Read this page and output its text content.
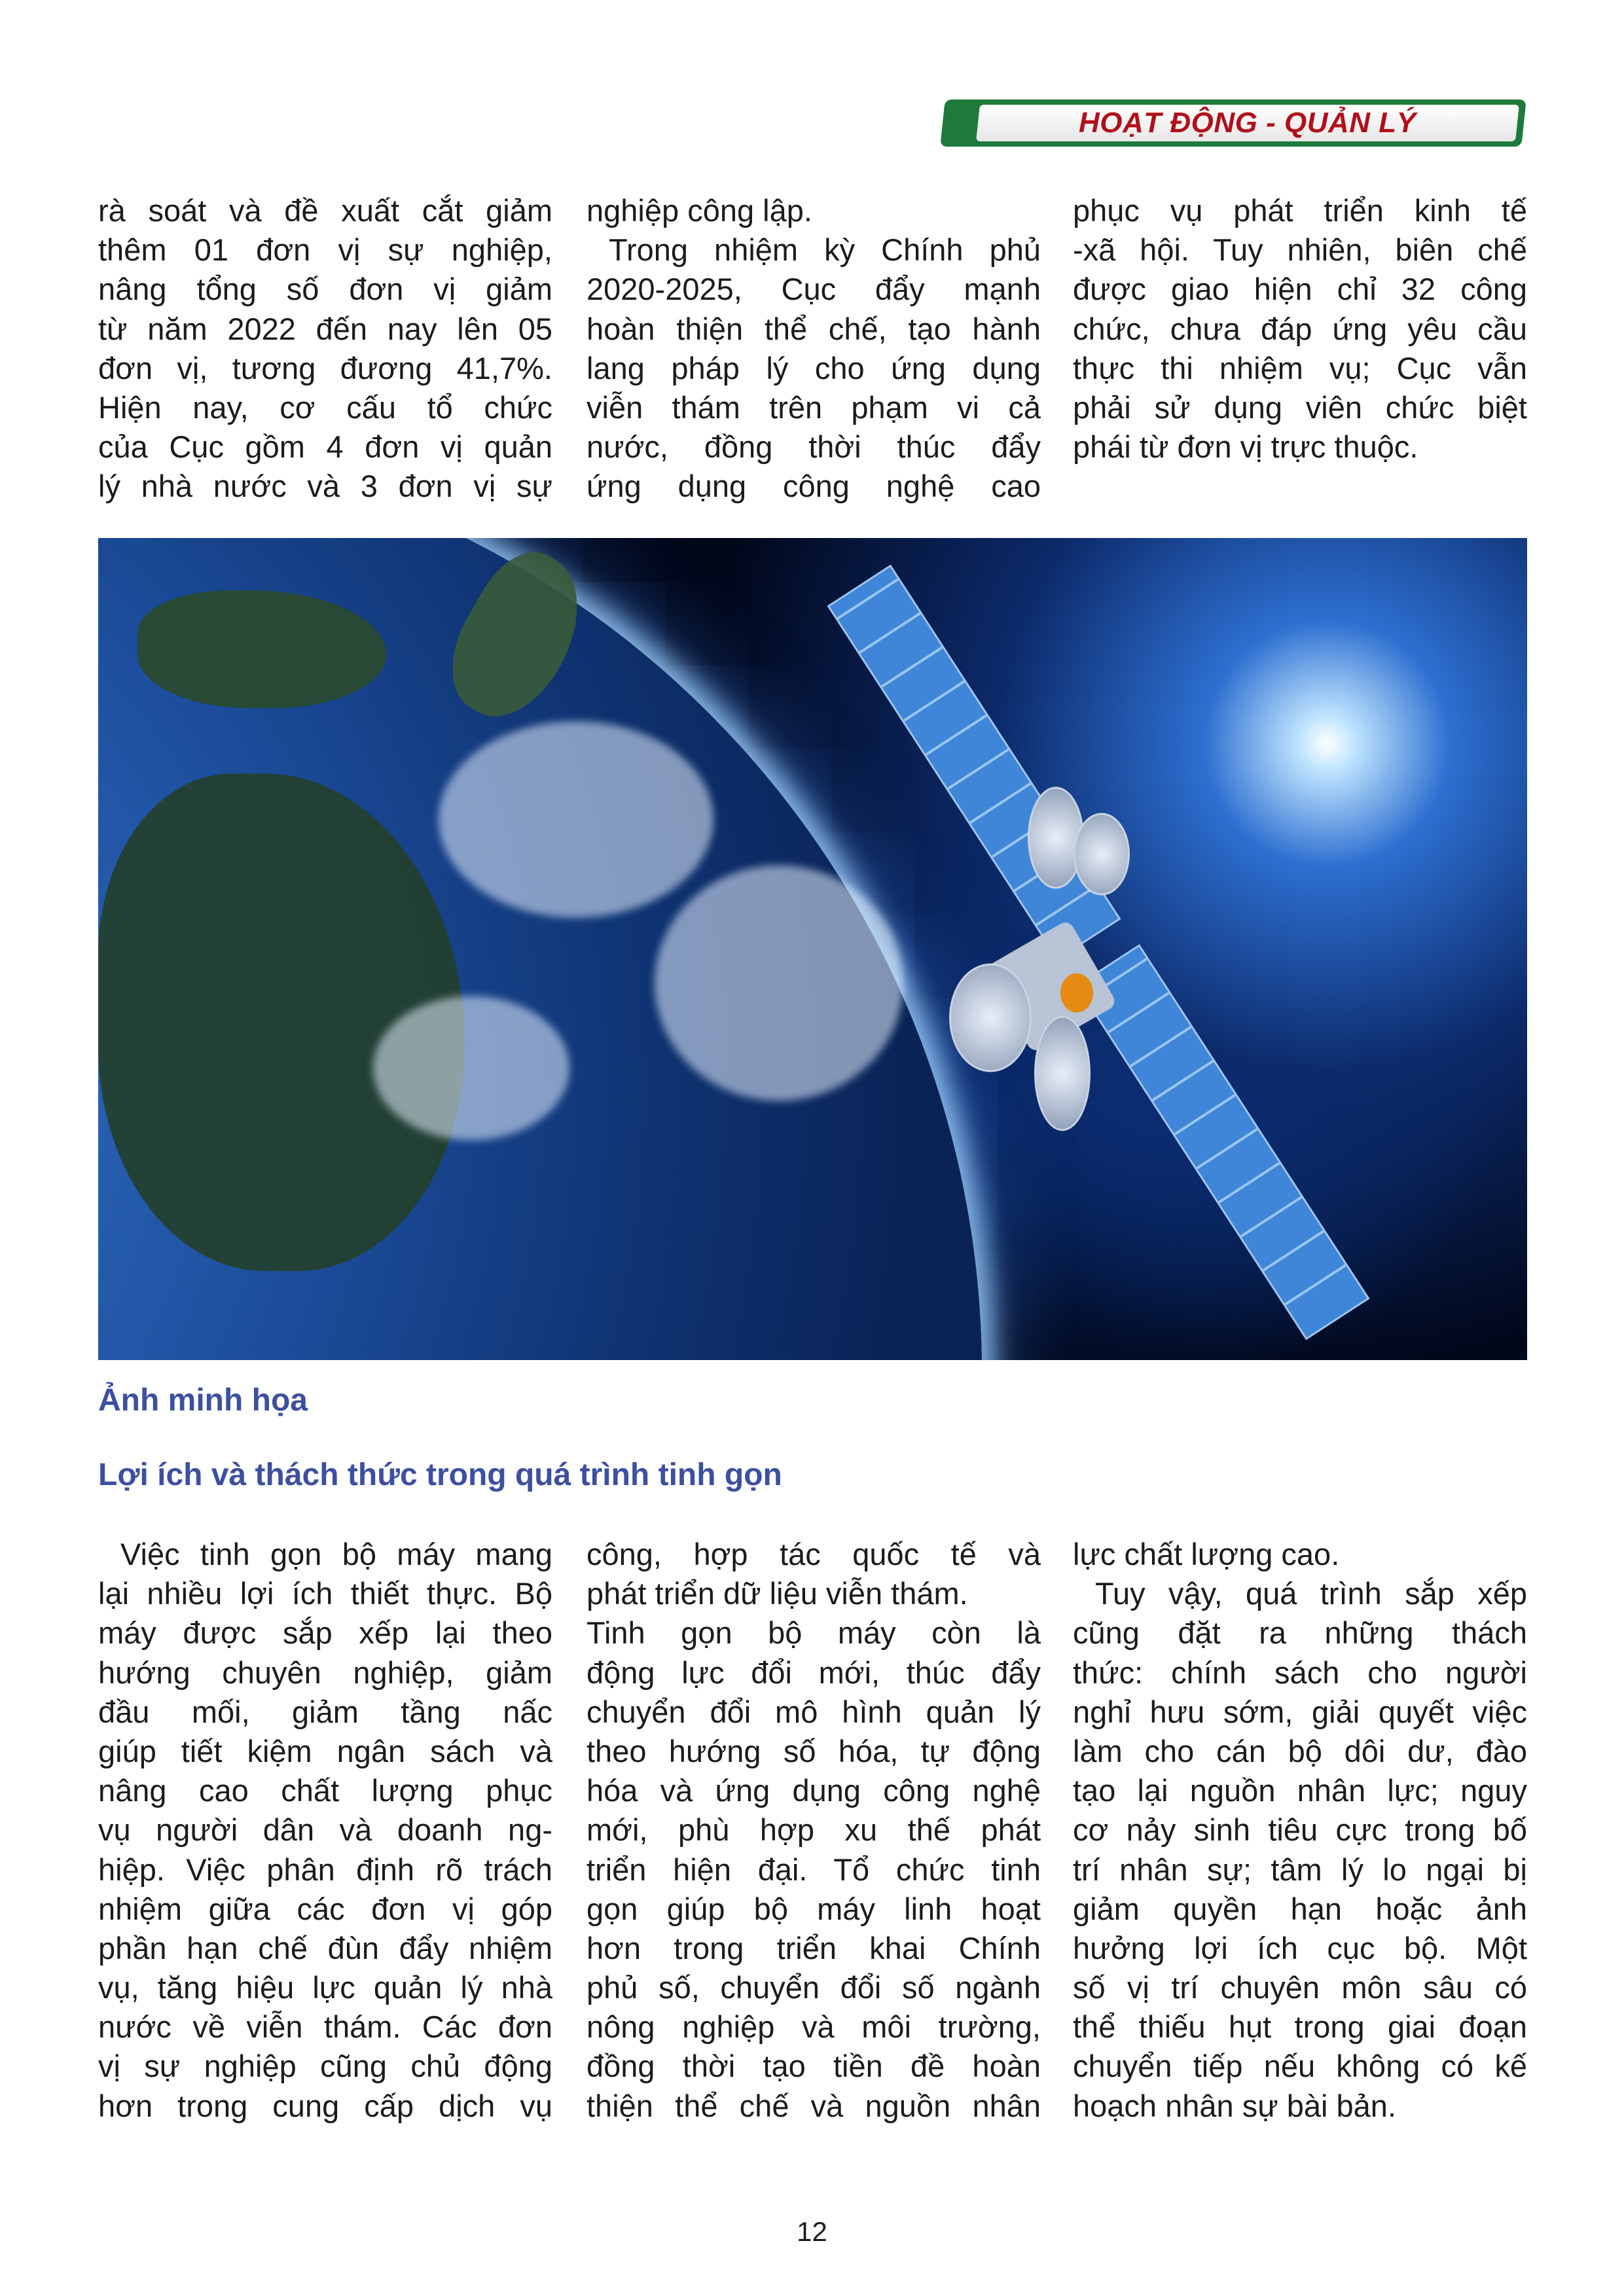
HOẠT ĐỘNG - QUẢN LÝ
rà soát và đề xuất cắt giảm
thêm 01 đơn vị sự nghiệp,
nâng tổng số đơn vị giảm
từ năm 2022 đến nay lên 05
đơn vị, tương đương 41,7%.
Hiện nay, cơ cấu tổ chức
của Cục gồm 4 đơn vị quản
lý nhà nước và 3 đơn vị sự
nghiệp công lập.
Trong nhiệm kỳ Chính phủ
2020-2025, Cục đẩy mạnh
hoàn thiện thể chế, tạo hành
lang pháp lý cho ứng dụng
viễn thám trên phạm vi cả
nước, đồng thời thúc đẩy
ứng dụng công nghệ cao
phục vụ phát triển kinh tế
-xã hội. Tuy nhiên, biên chế
được giao hiện chỉ 32 công
chức, chưa đáp ứng yêu cầu
thực thi nhiệm vụ; Cục vẫn
phải sử dụng viên chức biệt
phái từ đơn vị trực thuộc.
Ảnh minh họa
Lợi ích và thách thức trong quá trình tinh gọn
Việc tinh gọn bộ máy mang
lại nhiều lợi ích thiết thực. Bộ
máy được sắp xếp lại theo
hướng chuyên nghiệp, giảm
đầu mối, giảm tầng nấc
giúp tiết kiệm ngân sách và
nâng cao chất lượng phục
vụ người dân và doanh ng-
hiệp. Việc phân định rõ trách
nhiệm giữa các đơn vị góp
phần hạn chế đùn đẩy nhiệm
vụ, tăng hiệu lực quản lý nhà
nước về viễn thám. Các đơn
vị sự nghiệp cũng chủ động
hơn trong cung cấp dịch vụ
công, hợp tác quốc tế và
phát triển dữ liệu viễn thám.
Tinh gọn bộ máy còn là
động lực đổi mới, thúc đẩy
chuyển đổi mô hình quản lý
theo hướng số hóa, tự động
hóa và ứng dụng công nghệ
mới, phù hợp xu thế phát
triển hiện đại. Tổ chức tinh
gọn giúp bộ máy linh hoạt
hơn trong triển khai Chính
phủ số, chuyển đổi số ngành
nông nghiệp và môi trường,
đồng thời tạo tiền đề hoàn
thiện thể chế và nguồn nhân
lực chất lượng cao.
Tuy vậy, quá trình sắp xếp
cũng đặt ra những thách
thức: chính sách cho người
nghỉ hưu sớm, giải quyết việc
làm cho cán bộ dôi dư, đào
tạo lại nguồn nhân lực; nguy
cơ nảy sinh tiêu cực trong bố
trí nhân sự; tâm lý lo ngại bị
giảm quyền hạn hoặc ảnh
hưởng lợi ích cục bộ. Một
số vị trí chuyên môn sâu có
thể thiếu hụt trong giai đoạn
chuyển tiếp nếu không có kế
hoạch nhân sự bài bản.
12
